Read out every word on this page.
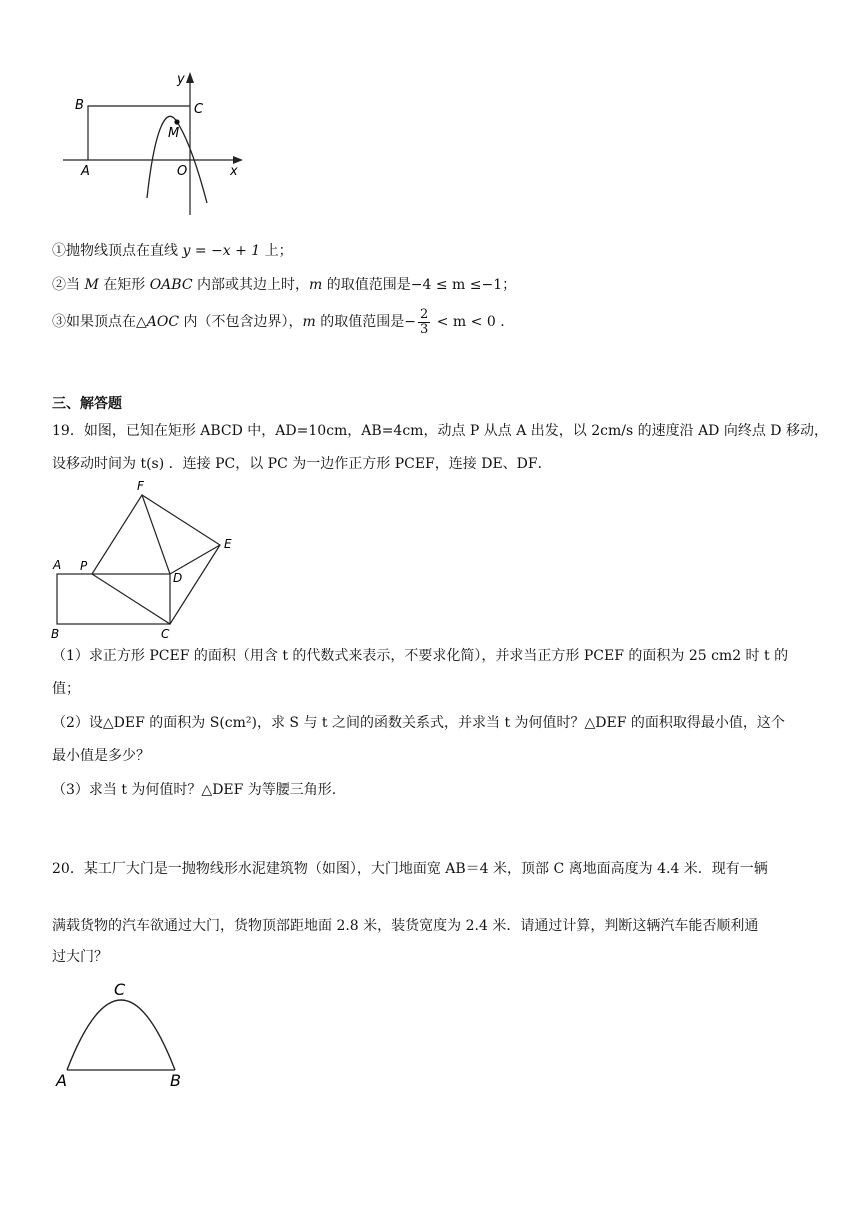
B	C
M
A	O	x
y
①抛物线顶点在直线 y = −x + 1 上；
②当 M 在矩形 OABC 内部或其边上时，m 的取值范围是−4 ≤ m ≤−1；
③如果顶点在△AOC 内（不包含边界），m 的取值范围是− $\frac{2}{3} < m < 0$ .
三、解答题
19．如图，已知在矩形 ABCD 中，AD=10cm，AB=4cm，动点 P 从点 A 出发，以 2cm/s 的速度沿 AD 向终点 D 移动，
设移动时间为 t(s) ．连接 PC，以 PC 为一边作正方形 PCEF，连接 DE、DF．
F
E
A P
D
B	C
（1）求正方形 PCEF 的面积（用含 t 的代数式来表示，不要求化简），并求当正方形 PCEF 的面积为 25 cm2 时 t 的
值；
（2）设△DEF 的面积为 S(cm²)，求 S 与 t 之间的函数关系式，并求当 t 为何值时？△DEF 的面积取得最小值，这个
最小值是多少？
（3）求当 t 为何值时？△DEF 为等腰三角形.
20．某工厂大门是一抛物线形水泥建筑物（如图），大门地面宽 AB＝4 米，顶部 C 离地面高度为 4.4 米．现有一辆
满载货物的汽车欲通过大门，货物顶部距地面 2.8 米，装货宽度为 2.4 米．请通过计算，判断这辆汽车能否顺利通
过大门？
C
A	B
